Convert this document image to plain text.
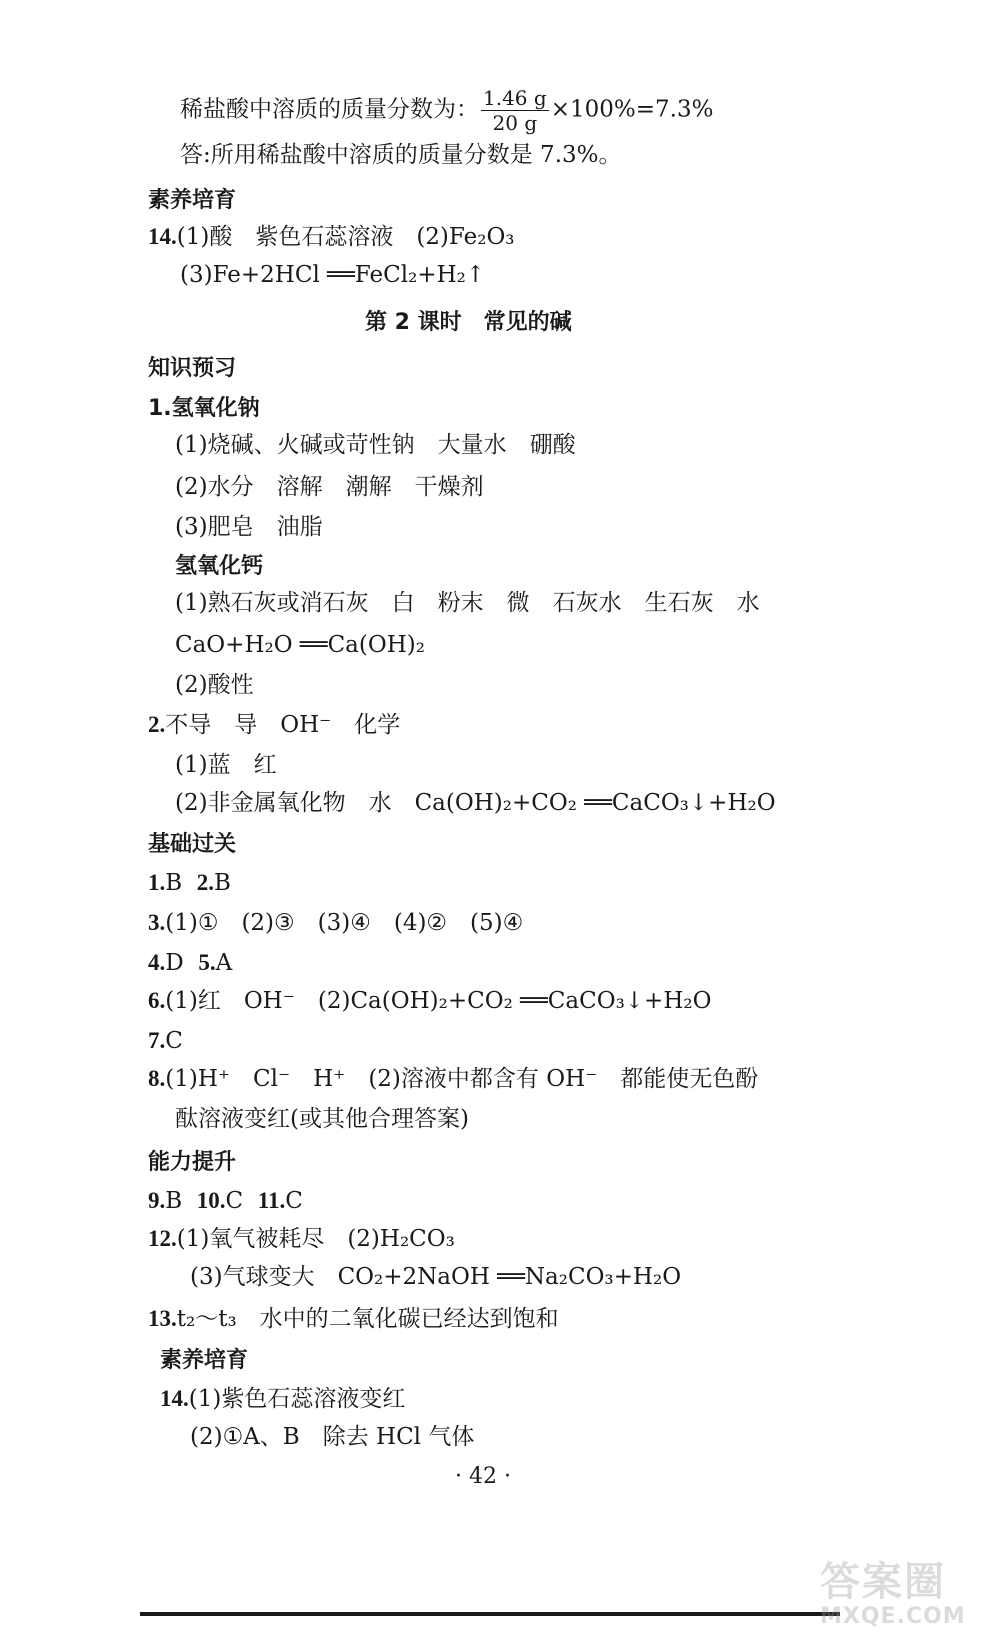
稀盐酸中溶质的质量分数为： $\frac{1.46 g}{20 g} \times 100\%=7.3\%$
答:所用稀盐酸中溶质的质量分数是 7.3%。
素养培育
14.(1)酸　紫色石蕊溶液　(2)Fe₂O₃
(3)Fe+2HCl ══FeCl₂+H₂↑
第 2 课时　常见的碱
知识预习
1.氢氧化钠
(1)烧碱、火碱或苛性钠　大量水　硼酸
(2)水分　溶解　潮解　干燥剂
(3)肥皂　油脂
氢氧化钙
(1)熟石灰或消石灰　白　粉末　微　石灰水　生石灰　水
CaO+H₂O ══Ca(OH)₂
(2)酸性
2.不导　导　OH⁻　化学
(1)蓝　红
(2)非金属氧化物　水　Ca(OH)₂+CO₂ ══CaCO₃↓+H₂O
基础过关
1.B 2.B
3.(1)①　(2)③　(3)④　(4)②　(5)④
4.D 5.A
6.(1)红　OH⁻　(2)Ca(OH)₂+CO₂ ══CaCO₃↓+H₂O
7.C
8.(1)H⁺　Cl⁻　H⁺　(2)溶液中都含有 OH⁻　都能使无色酚
酞溶液变红(或其他合理答案)
能力提升
9.B 10.C 11.C
12.(1)氧气被耗尽　(2)H₂CO₃
(3)气球变大　CO₂+2NaOH ══Na₂CO₃+H₂O
13.t₂～t₃　水中的二氧化碳已经达到饱和
素养培育
14.(1)紫色石蕊溶液变红
(2)①A、B　除去 HCl 气体
· 42 ·
答案圈
MXQE.COM
